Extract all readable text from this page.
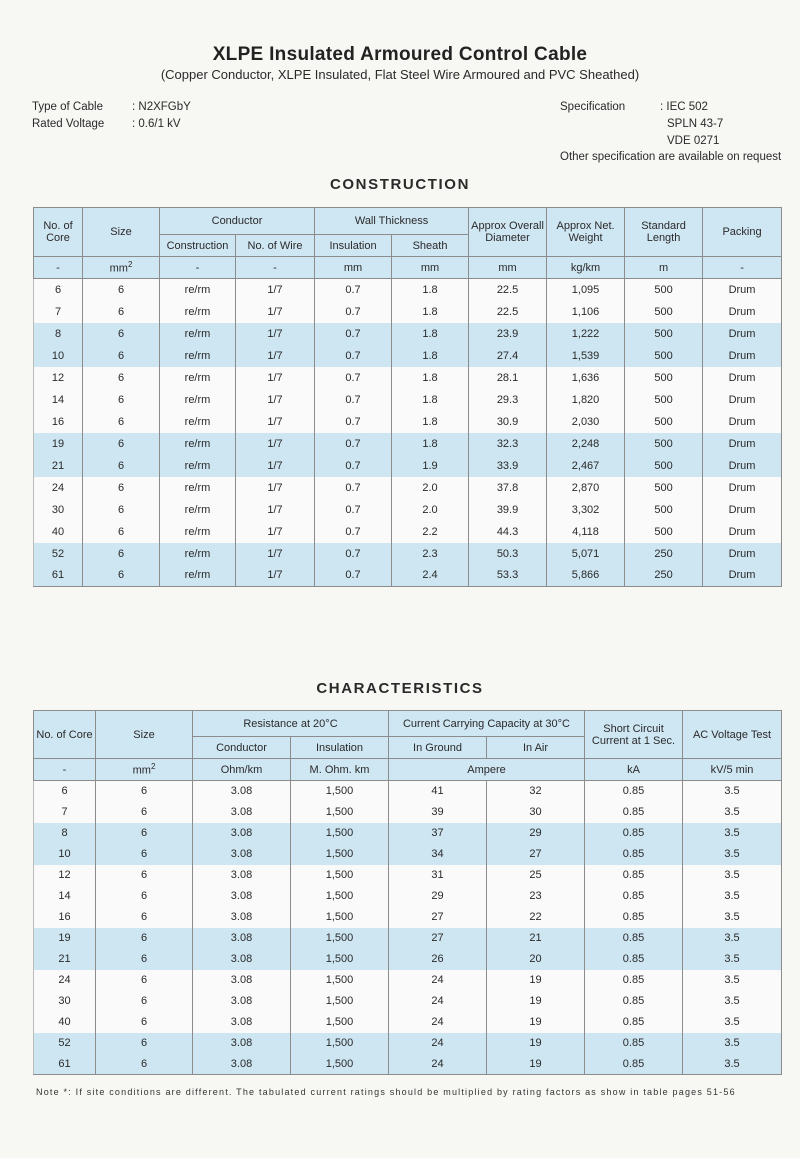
XLPE Insulated Armoured Control Cable
(Copper Conductor, XLPE Insulated, Flat Steel Wire Armoured and PVC Sheathed)
Type of Cable	: N2XFGbY
Rated Voltage	: 0.6/1 kV
Specification	: IEC 502
SPLN 43-7
VDE 0271
Other specification are available on request
CONSTRUCTION
No. of Core	Size	Conductor		Wall Thickness		Approx Overall Diameter	Approx Net. Weight	Standard Length	Packing
		Construction	No. of Wire	Insulation	Sheath				
-	$mm^2$	-	-	mm	mm	mm	kg/km	m	-
6	6	re/rm	1/7	0.7	1.8	22.5	1,095	500	Drum
7	6	re/rm	1/7	0.7	1.8	22.5	1,106	500	Drum
8	6	re/rm	1/7	0.7	1.8	23.9	1,222	500	Drum
10	6	re/rm	1/7	0.7	1.8	27.4	1,539	500	Drum
12	6	re/rm	1/7	0.7	1.8	28.1	1,636	500	Drum
14	6	re/rm	1/7	0.7	1.8	29.3	1,820	500	Drum
16	6	re/rm	1/7	0.7	1.8	30.9	2,030	500	Drum
19	6	re/rm	1/7	0.7	1.8	32.3	2,248	500	Drum
21	6	re/rm	1/7	0.7	1.9	33.9	2,467	500	Drum
24	6	re/rm	1/7	0.7	2.0	37.8	2,870	500	Drum
30	6	re/rm	1/7	0.7	2.0	39.9	3,302	500	Drum
40	6	re/rm	1/7	0.7	2.2	44.3	4,118	500	Drum
52	6	re/rm	1/7	0.7	2.3	50.3	5,071	250	Drum
61	6	re/rm	1/7	0.7	2.4	53.3	5,866	250	Drum
CHARACTERISTICS
No. of Core	Size	Resistance at 20°C		Current Carrying Capacity at 30°C		Short Circuit Current at 1 Sec.	AC Voltage Test
		Conductor	Insulation	In Ground	In Air		
-	$mm^2$	Ohm/km	M. Ohm. km	Ampere		kA	kV/5 min
6	6	3.08	1,500	41	32	0.85	3.5
7	6	3.08	1,500	39	30	0.85	3.5
8	6	3.08	1,500	37	29	0.85	3.5
10	6	3.08	1,500	34	27	0.85	3.5
12	6	3.08	1,500	31	25	0.85	3.5
14	6	3.08	1,500	29	23	0.85	3.5
16	6	3.08	1,500	27	22	0.85	3.5
19	6	3.08	1,500	27	21	0.85	3.5
21	6	3.08	1,500	26	20	0.85	3.5
24	6	3.08	1,500	24	19	0.85	3.5
30	6	3.08	1,500	24	19	0.85	3.5
40	6	3.08	1,500	24	19	0.85	3.5
52	6	3.08	1,500	24	19	0.85	3.5
61	6	3.08	1,500	24	19	0.85	3.5
Note *: If site conditions are different. The tabulated current ratings should be multiplied by rating factors as show in table pages 51-56
